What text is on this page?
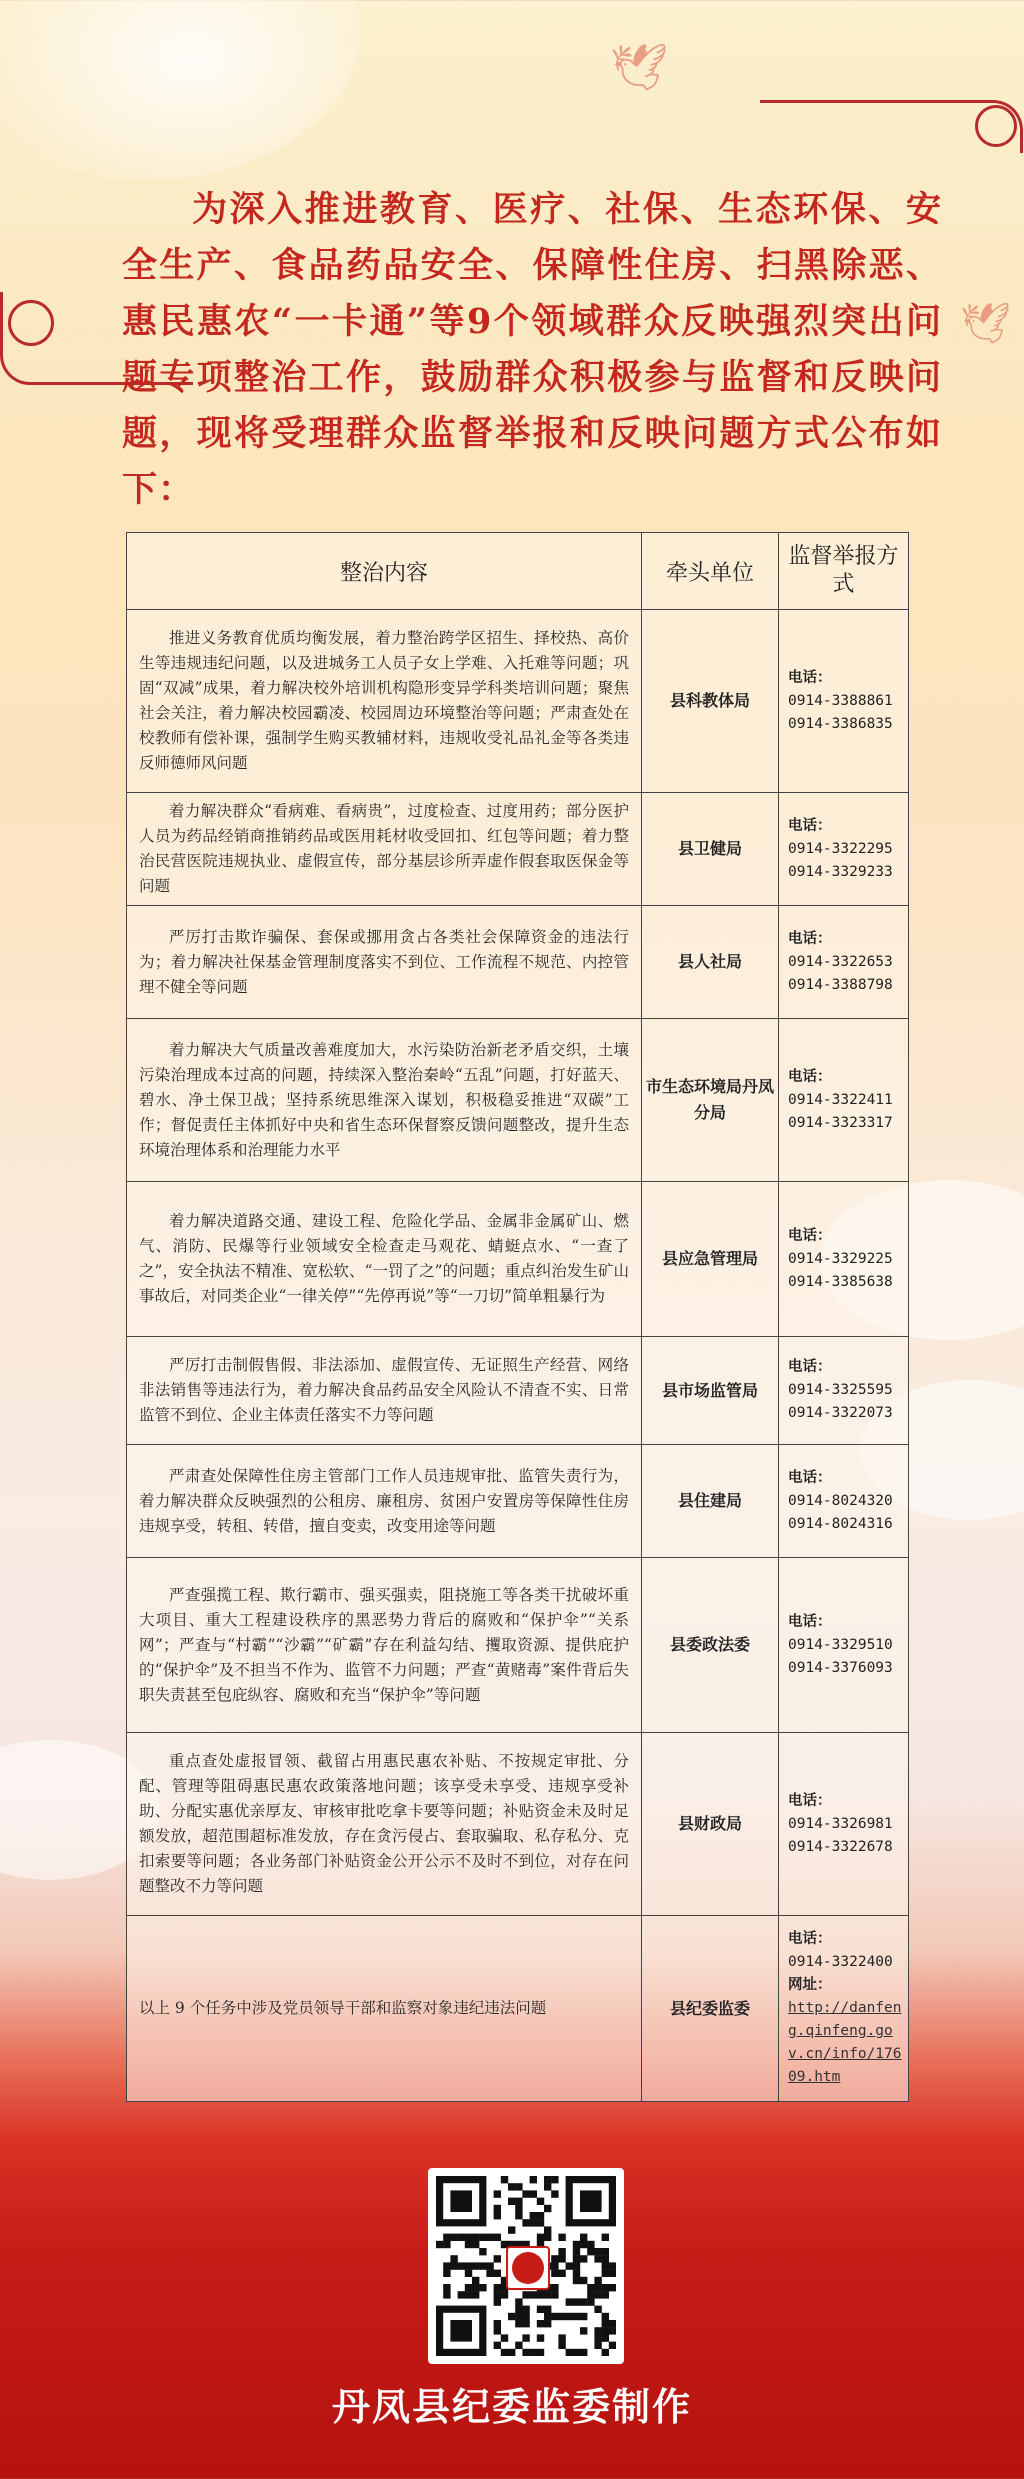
🕊
🕊

为深入推进教育、医疗、社保、生态环保、安全生产、食品药品安全、保障性住房、扫黑除恶、惠民惠农“一卡通”等9个领域群众反映强烈突出问题专项整治工作，鼓励群众积极参与监督和反映问题，现将受理群众监督举报和反映问题方式公布如下：

整治内容	牵头单位	监督举报方　　式
推进义务教育优质均衡发展，着力整治跨学区招生、择校热、高价生等违规违纪问题，以及进城务工人员子女上学难、入托难等问题；巩固“双减”成果，着力解决校外培训机构隐形变异学科类培训问题；聚焦社会关注，着力解决校园霸凌、校园周边环境整治等问题；严肃查处在校教师有偿补课，强制学生购买教辅材料，违规收受礼品礼金等各类违反师德师风问题	县科教体局	电话：
0914-3388861
0914-3386835
着力解决群众“看病难、看病贵”，过度检查、过度用药；部分医护人员为药品经销商推销药品或医用耗材收受回扣、红包等问题；着力整治民营医院违规执业、虚假宣传，部分基层诊所弄虚作假套取医保金等问题	县卫健局	电话：
0914-3322295
0914-3329233
严厉打击欺诈骗保、套保或挪用贪占各类社会保障资金的违法行为；着力解决社保基金管理制度落实不到位、工作流程不规范、内控管理不健全等问题	县人社局	电话：
0914-3322653
0914-3388798
着力解决大气质量改善难度加大，水污染防治新老矛盾交织，土壤污染治理成本过高的问题，持续深入整治秦岭“五乱”问题，打好蓝天、碧水、净土保卫战；坚持系统思维深入谋划，积极稳妥推进“双碳”工作；督促责任主体抓好中央和省生态环保督察反馈问题整改，提升生态环境治理体系和治理能力水平	市生态环境局丹凤分局	电话：
0914-3322411
0914-3323317
着力解决道路交通、建设工程、危险化学品、金属非金属矿山、燃气、消防、民爆等行业领域安全检查走马观花、蜻蜓点水、“一查了之”，安全执法不精准、宽松软、“一罚了之”的问题；重点纠治发生矿山事故后，对同类企业“一律关停”“先停再说”等“一刀切”简单粗暴行为	县应急管理局	电话：
0914-3329225
0914-3385638
严厉打击制假售假、非法添加、虚假宣传、无证照生产经营、网络非法销售等违法行为，着力解决食品药品安全风险认不清查不实、日常监管不到位、企业主体责任落实不力等问题	县市场监管局	电话：
0914-3325595
0914-3322073
严肃查处保障性住房主管部门工作人员违规审批、监管失责行为，着力解决群众反映强烈的公租房、廉租房、贫困户安置房等保障性住房违规享受，转租、转借，擅自变卖，改变用途等问题	县住建局	电话：
0914-8024320
0914-8024316
严查强揽工程、欺行霸市、强买强卖，阻挠施工等各类干扰破坏重大项目、重大工程建设秩序的黑恶势力背后的腐败和“保护伞”“关系网”；严查与“村霸”“沙霸”“矿霸”存在利益勾结、攫取资源、提供庇护的“保护伞”及不担当不作为、监管不力问题；严查“黄赌毒”案件背后失职失责甚至包庇纵容、腐败和充当“保护伞”等问题	县委政法委	电话：
0914-3329510
0914-3376093
重点查处虚报冒领、截留占用惠民惠农补贴、不按规定审批、分配、管理等阻碍惠民惠农政策落地问题；该享受未享受、违规享受补助、分配实惠优亲厚友、审核审批吃拿卡要等问题；补贴资金未及时足额发放，超范围超标准发放，存在贪污侵占、套取骗取、私存私分、克扣索要等问题；各业务部门补贴资金公开公示不及时不到位，对存在问题整改不力等问题	县财政局	电话：
0914-3326981
0914-3322678
以上 9 个任务中涉及党员领导干部和监察对象违纪违法问题	县纪委监委	电话：
0914-3322400
网址：
http://danfeng.qinfeng.gov.cn/info/17609.htm
丹凤县纪委监委制作
